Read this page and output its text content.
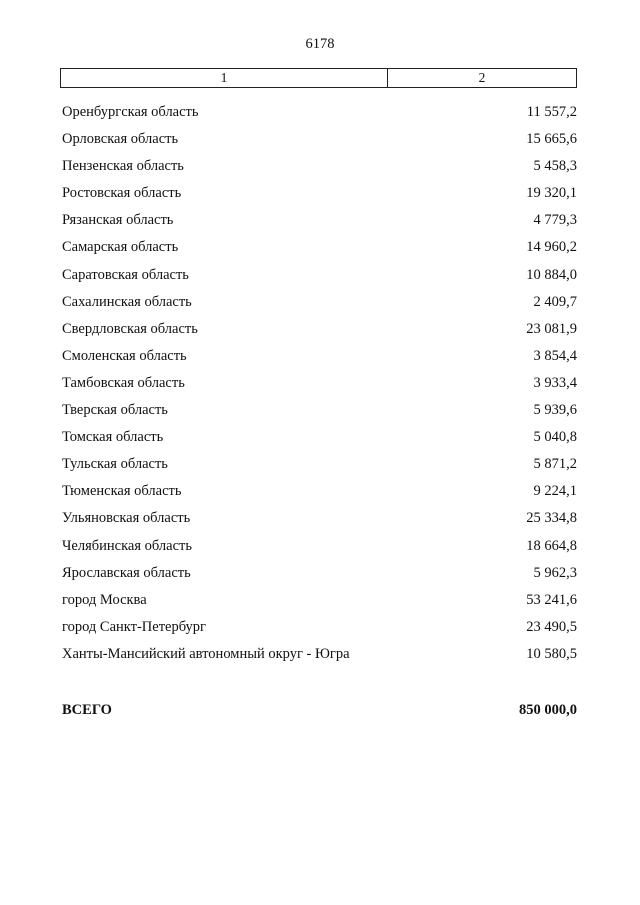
6178
1	2
Оренбургская область	11 557,2
Орловская область	15 665,6
Пензенская область	5 458,3
Ростовская область	19 320,1
Рязанская область	4 779,3
Самарская область	14 960,2
Саратовская область	10 884,0
Сахалинская область	2 409,7
Свердловская область	23 081,9
Смоленская область	3 854,4
Тамбовская область	3 933,4
Тверская область	5 939,6
Томская область	5 040,8
Тульская область	5 871,2
Тюменская область	9 224,1
Ульяновская область	25 334,8
Челябинская область	18 664,8
Ярославская область	5 962,3
город Москва	53 241,6
город Санкт-Петербург	23 490,5
Ханты-Мансийский автономный округ - Югра	10 580,5
ВСЕГО	850 000,0
